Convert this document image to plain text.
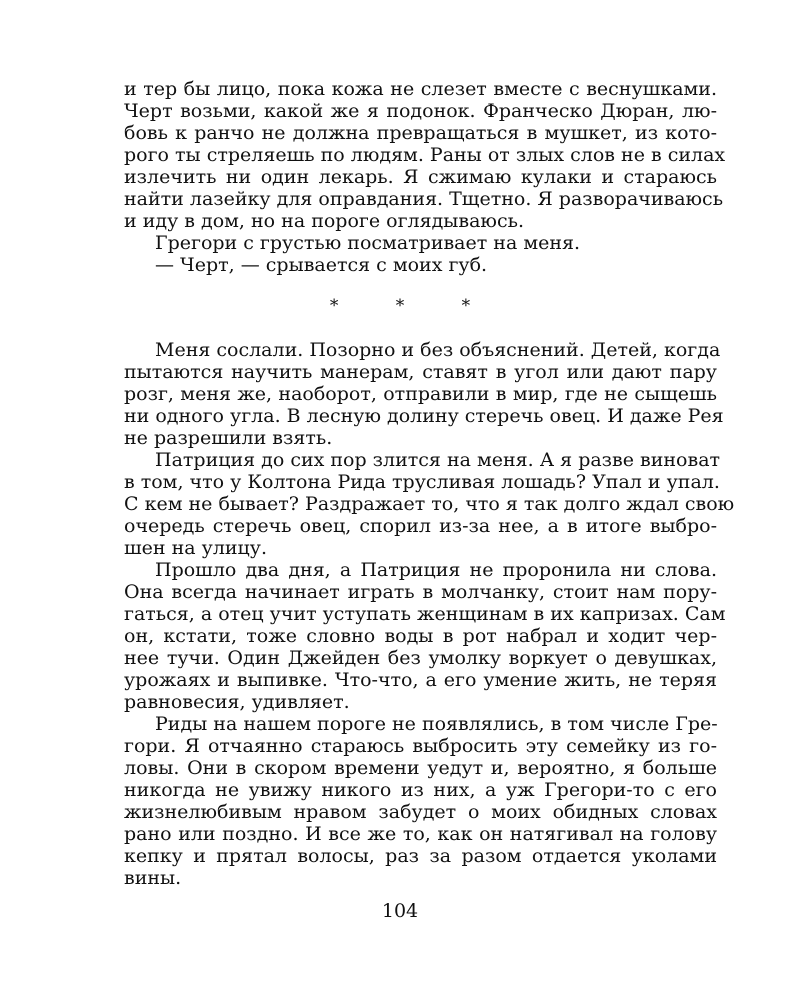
и тер бы лицо, пока кожа не слезет вместе с веснушками.
Черт возьми, какой же я подонок. Франческо Дюран, лю-
бовь к ранчо не должна превращаться в мушкет, из кото-
рого ты стреляешь по людям. Раны от злых слов не в силах
излечить ни один лекарь. Я сжимаю кулаки и стараюсь
найти лазейку для оправдания. Тщетно. Я разворачиваюсь
и иду в дом, но на пороге оглядываюсь.
Грегори с грустью посматривает на меня.
— Черт, — срывается с моих губ.
* * *
Меня сослали. Позорно и без объяснений. Детей, когда
пытаются научить манерам, ставят в угол или дают пару
розг, меня же, наоборот, отправили в мир, где не сыщешь
ни одного угла. В лесную долину стеречь овец. И даже Рея
не разрешили взять.
Патриция до сих пор злится на меня. А я разве виноват
в том, что у Колтона Рида трусливая лошадь? Упал и упал.
С кем не бывает? Раздражает то, что я так долго ждал свою
очередь стеречь овец, спорил из-за нее, а в итоге выбро-
шен на улицу.
Прошло два дня, а Патриция не проронила ни слова.
Она всегда начинает играть в молчанку, стоит нам пору-
гаться, а отец учит уступать женщинам в их капризах. Сам
он, кстати, тоже словно воды в рот набрал и ходит чер-
нее тучи. Один Джейден без умолку воркует о девушках,
урожаях и выпивке. Что-что, а его умение жить, не теряя
равновесия, удивляет.
Риды на нашем пороге не появлялись, в том числе Гре-
гори. Я отчаянно стараюсь выбросить эту семейку из го-
ловы. Они в скором времени уедут и, вероятно, я больше
никогда не увижу никого из них, а уж Грегори-то с его
жизнелюбивым нравом забудет о моих обидных словах
рано или поздно. И все же то, как он натягивал на голову
кепку и прятал волосы, раз за разом отдается уколами
вины.
104
